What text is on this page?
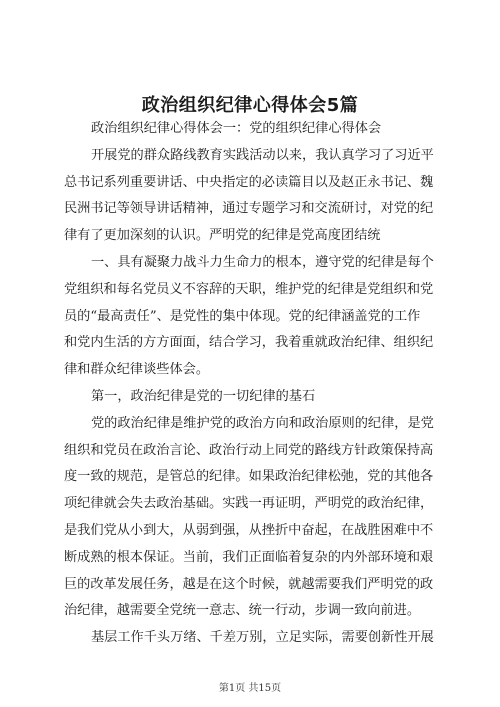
政治组织纪律心得体会5篇
政治组织纪律心得体会一：党的组织纪律心得体会
开展党的群众路线教育实践活动以来，我认真学习了习近平
总书记系列重要讲话、中央指定的必读篇目以及赵正永书记、魏
民洲书记等领导讲话精神，通过专题学习和交流研讨，对党的纪
律有了更加深刻的认识。严明党的纪律是党高度团结统
一、具有凝聚力战斗力生命力的根本，遵守党的纪律是每个
党组织和每名党员义不容辞的天职，维护党的纪律是党组织和党
员的“最高责任”、是党性的集中体现。党的纪律涵盖党的工作
和党内生活的方方面面，结合学习，我着重就政治纪律、组织纪
律和群众纪律谈些体会。
第一，政治纪律是党的一切纪律的基石
党的政治纪律是维护党的政治方向和政治原则的纪律，是党
组织和党员在政治言论、政治行动上同党的路线方针政策保持高
度一致的规范，是管总的纪律。如果政治纪律松弛，党的其他各
项纪律就会失去政治基础。实践一再证明，严明党的政治纪律，
是我们党从小到大，从弱到强，从挫折中奋起，在战胜困难中不
断成熟的根本保证。当前，我们正面临着复杂的内外部环境和艰
巨的改革发展任务，越是在这个时候，就越需要我们严明党的政
治纪律，越需要全党统一意志、统一行动，步调一致向前进。
基层工作千头万绪、千差万别，立足实际，需要创新性开展
第1页 共15页
